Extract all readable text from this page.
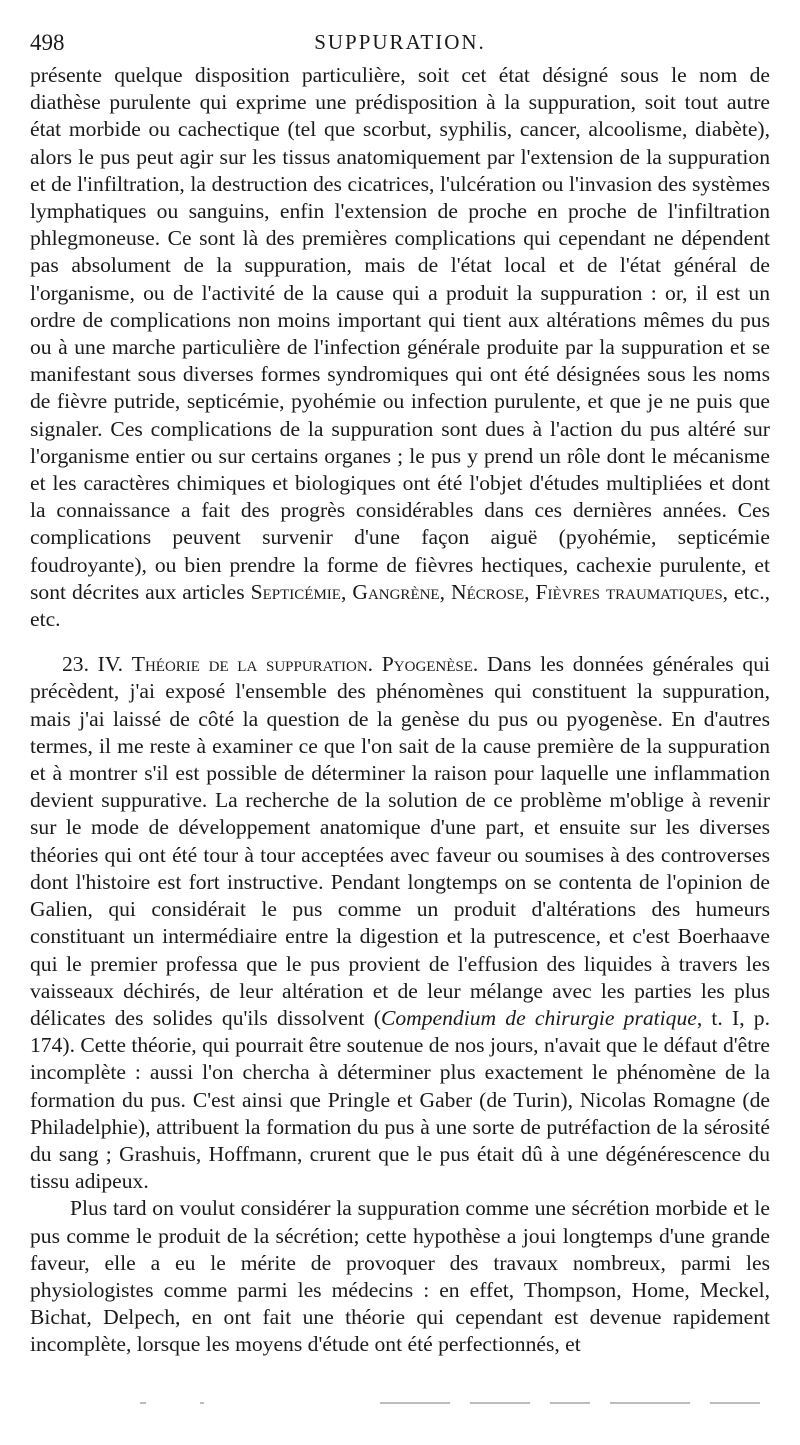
498	SUPPURATION.

présente quelque disposition particulière, soit cet état désigné sous le nom de diathèse purulente qui exprime une prédisposition à la suppuration, soit tout autre état morbide ou cachectique (tel que scorbut, syphilis, cancer, alcoolisme, diabète), alors le pus peut agir sur les tissus anatomiquement par l'extension de la suppuration et de l'infiltration, la destruction des cicatrices, l'ulcération ou l'invasion des systèmes lymphatiques ou sanguins, enfin l'extension de proche en proche de l'infiltration phlegmoneuse. Ce sont là des premières complications qui cependant ne dépendent pas absolument de la suppuration, mais de l'état local et de l'état général de l'organisme, ou de l'activité de la cause qui a produit la suppuration : or, il est un ordre de complications non moins important qui tient aux altérations mêmes du pus ou à une marche particulière de l'infection générale produite par la suppuration et se manifestant sous diverses formes syndromiques qui ont été désignées sous les noms de fièvre putride, septicémie, pyohémie ou infection purulente, et que je ne puis que signaler. Ces complications de la suppuration sont dues à l'action du pus altéré sur l'organisme entier ou sur certains organes ; le pus y prend un rôle dont le mécanisme et les caractères chimiques et biologiques ont été l'objet d'études multipliées et dont la connaissance a fait des progrès considérables dans ces dernières années. Ces complications peuvent survenir d'une façon aiguë (pyohémie, septicémie foudroyante), ou bien prendre la forme de fièvres hectiques, cachexie purulente, et sont décrites aux articles Septicémie, Gangrène, Nécrose, Fièvres traumatiques, etc., etc.

23. IV. Théorie de la suppuration. Pyogenèse. Dans les données générales qui précèdent, j'ai exposé l'ensemble des phénomènes qui constituent la suppuration, mais j'ai laissé de côté la question de la genèse du pus ou pyogenèse. En d'autres termes, il me reste à examiner ce que l'on sait de la cause première de la suppuration et à montrer s'il est possible de déterminer la raison pour laquelle une inflammation devient suppurative. La recherche de la solution de ce problème m'oblige à revenir sur le mode de développement anatomique d'une part, et ensuite sur les diverses théories qui ont été tour à tour acceptées avec faveur ou soumises à des controverses dont l'histoire est fort instructive. Pendant longtemps on se contenta de l'opinion de Galien, qui considérait le pus comme un produit d'altérations des humeurs constituant un intermédiaire entre la digestion et la putrescence, et c'est Boerhaave qui le premier professa que le pus provient de l'effusion des liquides à travers les vaisseaux déchirés, de leur altération et de leur mélange avec les parties les plus délicates des solides qu'ils dissolvent (Compendium de chirurgie pratique, t. I, p. 174). Cette théorie, qui pourrait être soutenue de nos jours, n'avait que le défaut d'être incomplète : aussi l'on chercha à déterminer plus exactement le phénomène de la formation du pus. C'est ainsi que Pringle et Gaber (de Turin), Nicolas Romagne (de Philadelphie), attribuent la formation du pus à une sorte de putréfaction de la sérosité du sang ; Grashuis, Hoffmann, crurent que le pus était dû à une dégénérescence du tissu adipeux.

Plus tard on voulut considérer la suppuration comme une sécrétion morbide et le pus comme le produit de la sécrétion; cette hypothèse a joui longtemps d'une grande faveur, elle a eu le mérite de provoquer des travaux nombreux, parmi les physiologistes comme parmi les médecins : en effet, Thompson, Home, Meckel, Bichat, Delpech, en ont fait une théorie qui cependant est devenue rapidement incomplète, lorsque les moyens d'étude ont été perfectionnés, et
